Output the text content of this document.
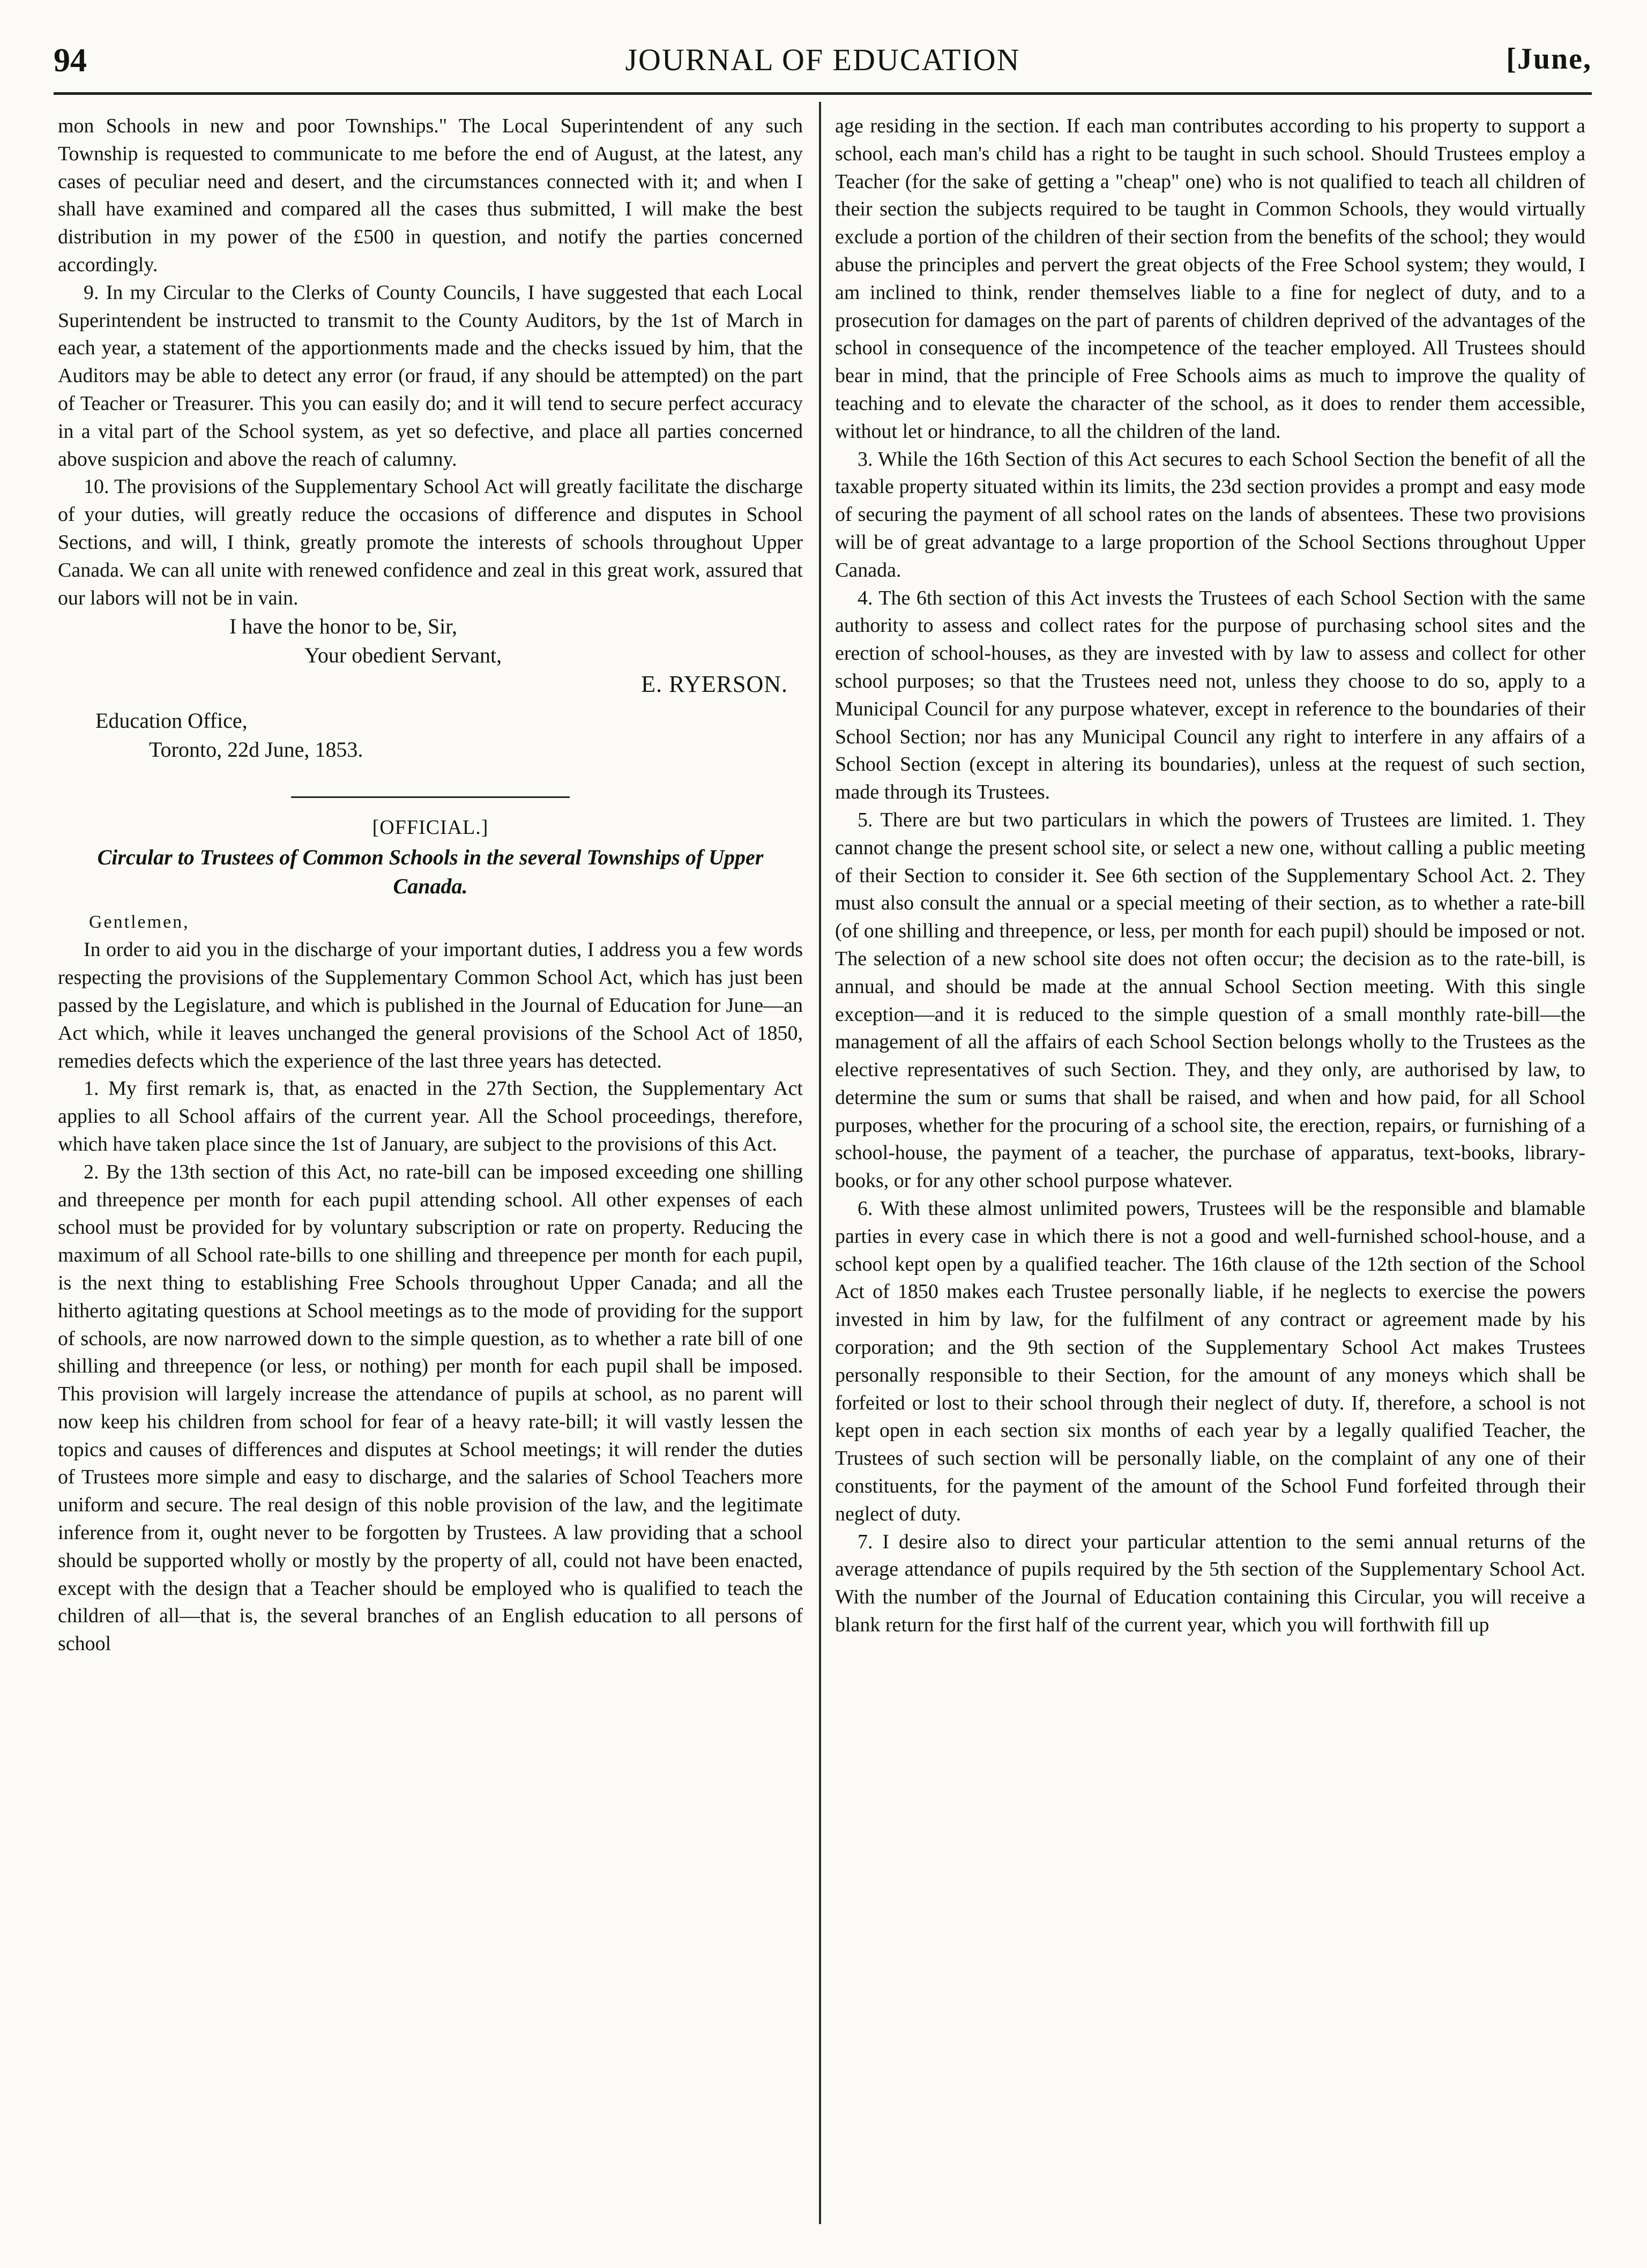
94	JOURNAL OF EDUCATION	[June,

mon Schools in new and poor Townships." The Local Superintendent of any such Township is requested to communicate to me before the end of August, at the latest, any cases of peculiar need and desert, and the circumstances connected with it; and when I shall have examined and compared all the cases thus submitted, I will make the best distribution in my power of the £500 in question, and notify the parties concerned accordingly.

9. In my Circular to the Clerks of County Councils, I have suggested that each Local Superintendent be instructed to transmit to the County Auditors, by the 1st of March in each year, a statement of the apportionments made and the checks issued by him, that the Auditors may be able to detect any error (or fraud, if any should be attempted) on the part of Teacher or Treasurer. This you can easily do; and it will tend to secure perfect accuracy in a vital part of the School system, as yet so defective, and place all parties concerned above suspicion and above the reach of calumny.

10. The provisions of the Supplementary School Act will greatly facilitate the discharge of your duties, will greatly reduce the occasions of difference and disputes in School Sections, and will, I think, greatly promote the interests of schools throughout Upper Canada. We can all unite with renewed confidence and zeal in this great work, assured that our labors will not be in vain.

I have the honor to be, Sir,
Your obedient Servant,
E. RYERSON.
Education Office,
Toronto, 22d June, 1853.
[OFFICIAL.]
Circular to Trustees of Common Schools in the several Townships of Upper Canada.
Gentlemen,

In order to aid you in the discharge of your important duties, I address you a few words respecting the provisions of the Supplementary Common School Act, which has just been passed by the Legislature, and which is published in the Journal of Education for June—an Act which, while it leaves unchanged the general provisions of the School Act of 1850, remedies defects which the experience of the last three years has detected.

1. My first remark is, that, as enacted in the 27th Section, the Supplementary Act applies to all School affairs of the current year. All the School proceedings, therefore, which have taken place since the 1st of January, are subject to the provisions of this Act.

2. By the 13th section of this Act, no rate-bill can be imposed exceeding one shilling and threepence per month for each pupil attending school. All other expenses of each school must be provided for by voluntary subscription or rate on property. Reducing the maximum of all School rate-bills to one shilling and threepence per month for each pupil, is the next thing to establishing Free Schools throughout Upper Canada; and all the hitherto agitating questions at School meetings as to the mode of providing for the support of schools, are now narrowed down to the simple question, as to whether a rate bill of one shilling and threepence (or less, or nothing) per month for each pupil shall be imposed. This provision will largely increase the attendance of pupils at school, as no parent will now keep his children from school for fear of a heavy rate-bill; it will vastly lessen the topics and causes of differences and disputes at School meetings; it will render the duties of Trustees more simple and easy to discharge, and the salaries of School Teachers more uniform and secure. The real design of this noble provision of the law, and the legitimate inference from it, ought never to be forgotten by Trustees. A law providing that a school should be supported wholly or mostly by the property of all, could not have been enacted, except with the design that a Teacher should be employed who is qualified to teach the children of all—that is, the several branches of an English education to all persons of school

age residing in the section. If each man contributes according to his property to support a school, each man's child has a right to be taught in such school. Should Trustees employ a Teacher (for the sake of getting a "cheap" one) who is not qualified to teach all children of their section the subjects required to be taught in Common Schools, they would virtually exclude a portion of the children of their section from the benefits of the school; they would abuse the principles and pervert the great objects of the Free School system; they would, I am inclined to think, render themselves liable to a fine for neglect of duty, and to a prosecution for damages on the part of parents of children deprived of the advantages of the school in consequence of the incompetence of the teacher employed. All Trustees should bear in mind, that the principle of Free Schools aims as much to improve the quality of teaching and to elevate the character of the school, as it does to render them accessible, without let or hindrance, to all the children of the land.

3. While the 16th Section of this Act secures to each School Section the benefit of all the taxable property situated within its limits, the 23d section provides a prompt and easy mode of securing the payment of all school rates on the lands of absentees. These two provisions will be of great advantage to a large proportion of the School Sections throughout Upper Canada.

4. The 6th section of this Act invests the Trustees of each School Section with the same authority to assess and collect rates for the purpose of purchasing school sites and the erection of school-houses, as they are invested with by law to assess and collect for other school purposes; so that the Trustees need not, unless they choose to do so, apply to a Municipal Council for any purpose whatever, except in reference to the boundaries of their School Section; nor has any Municipal Council any right to interfere in any affairs of a School Section (except in altering its boundaries), unless at the request of such section, made through its Trustees.

5. There are but two particulars in which the powers of Trustees are limited. 1. They cannot change the present school site, or select a new one, without calling a public meeting of their Section to consider it. See 6th section of the Supplementary School Act. 2. They must also consult the annual or a special meeting of their section, as to whether a rate-bill (of one shilling and threepence, or less, per month for each pupil) should be imposed or not. The selection of a new school site does not often occur; the decision as to the rate-bill, is annual, and should be made at the annual School Section meeting. With this single exception—and it is reduced to the simple question of a small monthly rate-bill—the management of all the affairs of each School Section belongs wholly to the Trustees as the elective representatives of such Section. They, and they only, are authorised by law, to determine the sum or sums that shall be raised, and when and how paid, for all School purposes, whether for the procuring of a school site, the erection, repairs, or furnishing of a school-house, the payment of a teacher, the purchase of apparatus, text-books, library-books, or for any other school purpose whatever.

6. With these almost unlimited powers, Trustees will be the responsible and blamable parties in every case in which there is not a good and well-furnished school-house, and a school kept open by a qualified teacher. The 16th clause of the 12th section of the School Act of 1850 makes each Trustee personally liable, if he neglects to exercise the powers invested in him by law, for the fulfilment of any contract or agreement made by his corporation; and the 9th section of the Supplementary School Act makes Trustees personally responsible to their Section, for the amount of any moneys which shall be forfeited or lost to their school through their neglect of duty. If, therefore, a school is not kept open in each section six months of each year by a legally qualified Teacher, the Trustees of such section will be personally liable, on the complaint of any one of their constituents, for the payment of the amount of the School Fund forfeited through their neglect of duty.

7. I desire also to direct your particular attention to the semi annual returns of the average attendance of pupils required by the 5th section of the Supplementary School Act. With the number of the Journal of Education containing this Circular, you will receive a blank return for the first half of the current year, which you will forthwith fill up
